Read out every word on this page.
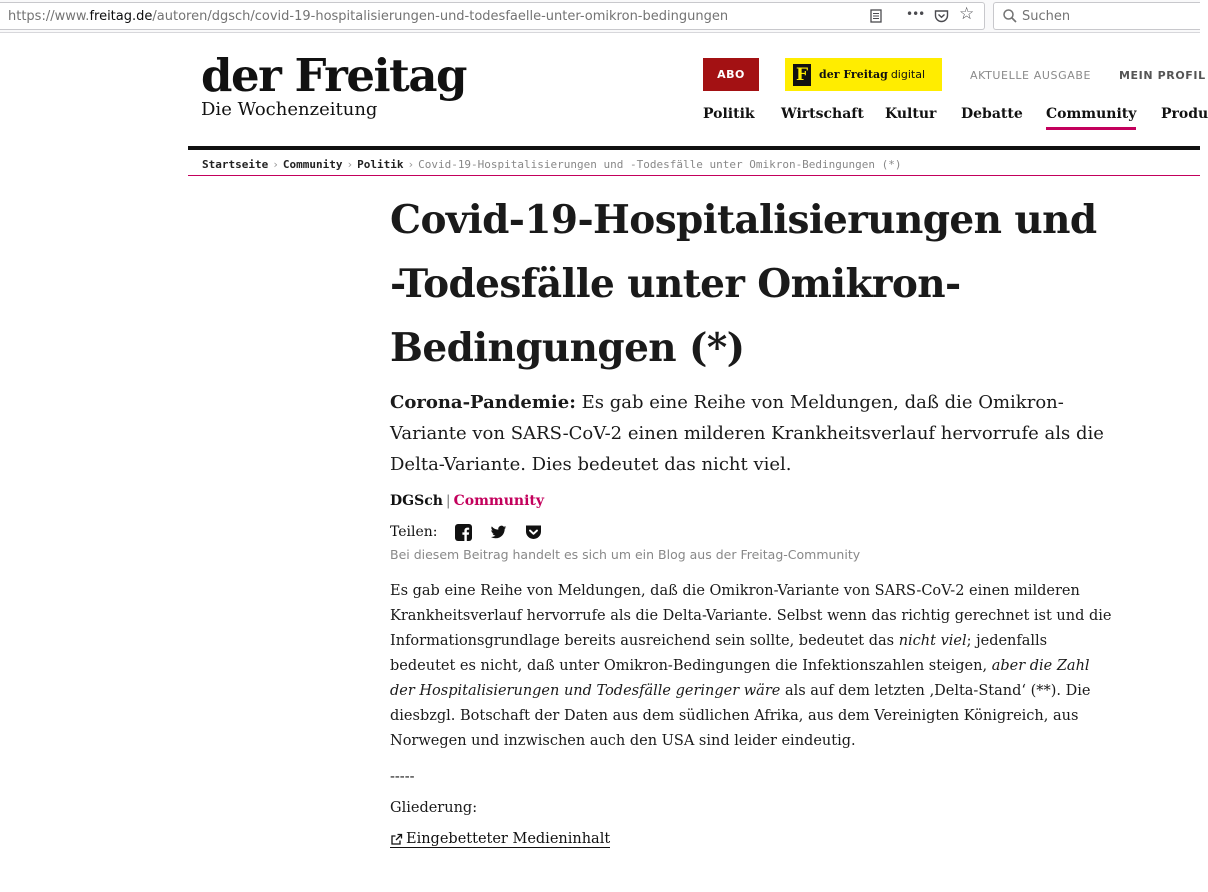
https://www.freitag.de/autoren/dgsch/covid-19-hospitalisierungen-und-todesfaelle-unter-omikron-bedingungen	••• ☆	Suchen
der Freitag
Die Wochenzeitung
ABO	F der Freitag digital	AKTUELLE AUSGABE	MEIN PROFIL
Politik Wirtschaft Kultur Debatte Community Produ
Startseite › Community › Politik › Covid-19-Hospitalisierungen und -Todesfälle unter Omikron-Bedingungen (*)
Covid-19-Hospitalisierungen und -Todesfälle unter Omikron-Bedingungen (*)

Corona-Pandemie: Es gab eine Reihe von Meldungen, daß die Omikron-Variante von SARS-CoV-2 einen milderen Krankheitsverlauf hervorrufe als die Delta-Variante. Dies bedeutet das nicht viel.

DGSch | Community
Teilen:
Bei diesem Beitrag handelt es sich um ein Blog aus der Freitag-Community

Es gab eine Reihe von Meldungen, daß die Omikron-Variante von SARS-CoV-2 einen milderen Krankheitsverlauf hervorrufe als die Delta-Variante. Selbst wenn das richtig gerechnet ist und die Informationsgrundlage bereits ausreichend sein sollte, bedeutet das nicht viel; jedenfalls bedeutet es nicht, daß unter Omikron-Bedingungen die Infektionszahlen steigen, aber die Zahl der Hospitalisierungen und Todesfälle geringer wäre als auf dem letzten ‚Delta-Stand‘ (**). Die diesbzgl. Botschaft der Daten aus dem südlichen Afrika, aus dem Vereinigten Königreich, aus Norwegen und inzwischen auch den USA sind leider eindeutig.

-----

Gliederung:

Eingebetteter Medieninhalt
